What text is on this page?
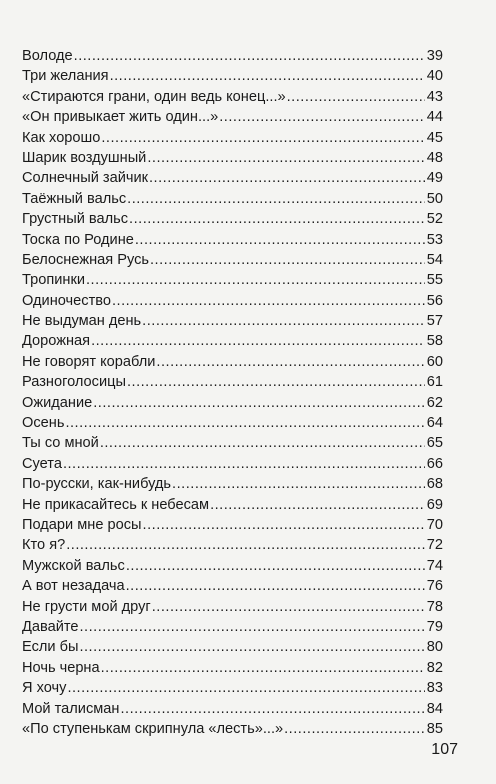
Володе .....	39
Три желания .....	40
«Стираются грани, один ведь конец...» .....	43
«Он привыкает жить один...» .....	44
Как хорошо .....	45
Шарик воздушный .....	48
Солнечный зайчик .....	49
Таёжный вальс .....	50
Грустный вальс .....	52
Тоска по Родине .....	53
Белоснежная Русь .....	54
Тропинки .....	55
Одиночество .....	56
Не выдуман день .....	57
Дорожная .....	58
Не говорят корабли .....	60
Разноголосицы .....	61
Ожидание .....	62
Осень .....	64
Ты со мной .....	65
Суета .....	66
По-русски, как-нибудь .....	68
Не прикасайтесь к небесам .....	69
Подари мне росы .....	70
Кто я? .....	72
Мужской вальс .....	74
А вот незадача .....	76
Не грусти мой друг .....	78
Давайте .....	79
Если бы .....	80
Ночь черна .....	82
Я хочу .....	83
Мой талисман .....	84
«По ступенькам скрипнула «лесть»...» .....	85
107
